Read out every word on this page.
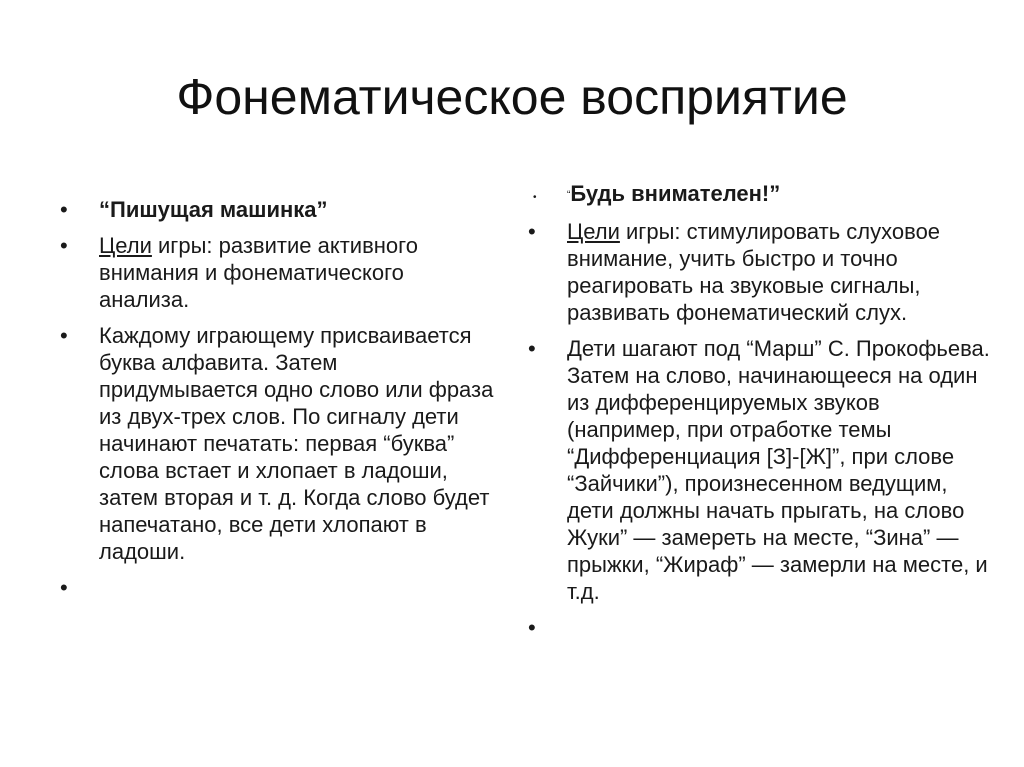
Фонематическое восприятие
• “Пишущая машинка”
• Цели игры: развитие активного внимания и фонематического анализа.
• Каждому играющему присваивается буква алфавита. Затем придумывается одно слово или фраза из двух-трех слов. По сигналу дети начинают печатать: первая “буква” слова встает и хлопает в ладоши, затем вторая и т. д. Когда слово будет напечатано, все дети хлопают в ладоши.
•
•	“Будь внимателен!”
• Цели игры: стимулировать слуховое внимание, учить быстро и точно реагировать на звуковые сигналы, развивать фонематический слух.
• Дети шагают под “Марш” С. Прокофьева. Затем на слово, начинающееся на один из дифференцируемых звуков (например, при отработке темы “Дифференциация [З]-[Ж]”, при слове “Зайчики”), произнесенном ведущим, дети должны начать прыгать, на слово Жуки” — замереть на месте, “Зина” — прыжки, “Жираф” — замерли на месте, и т.д.
•
